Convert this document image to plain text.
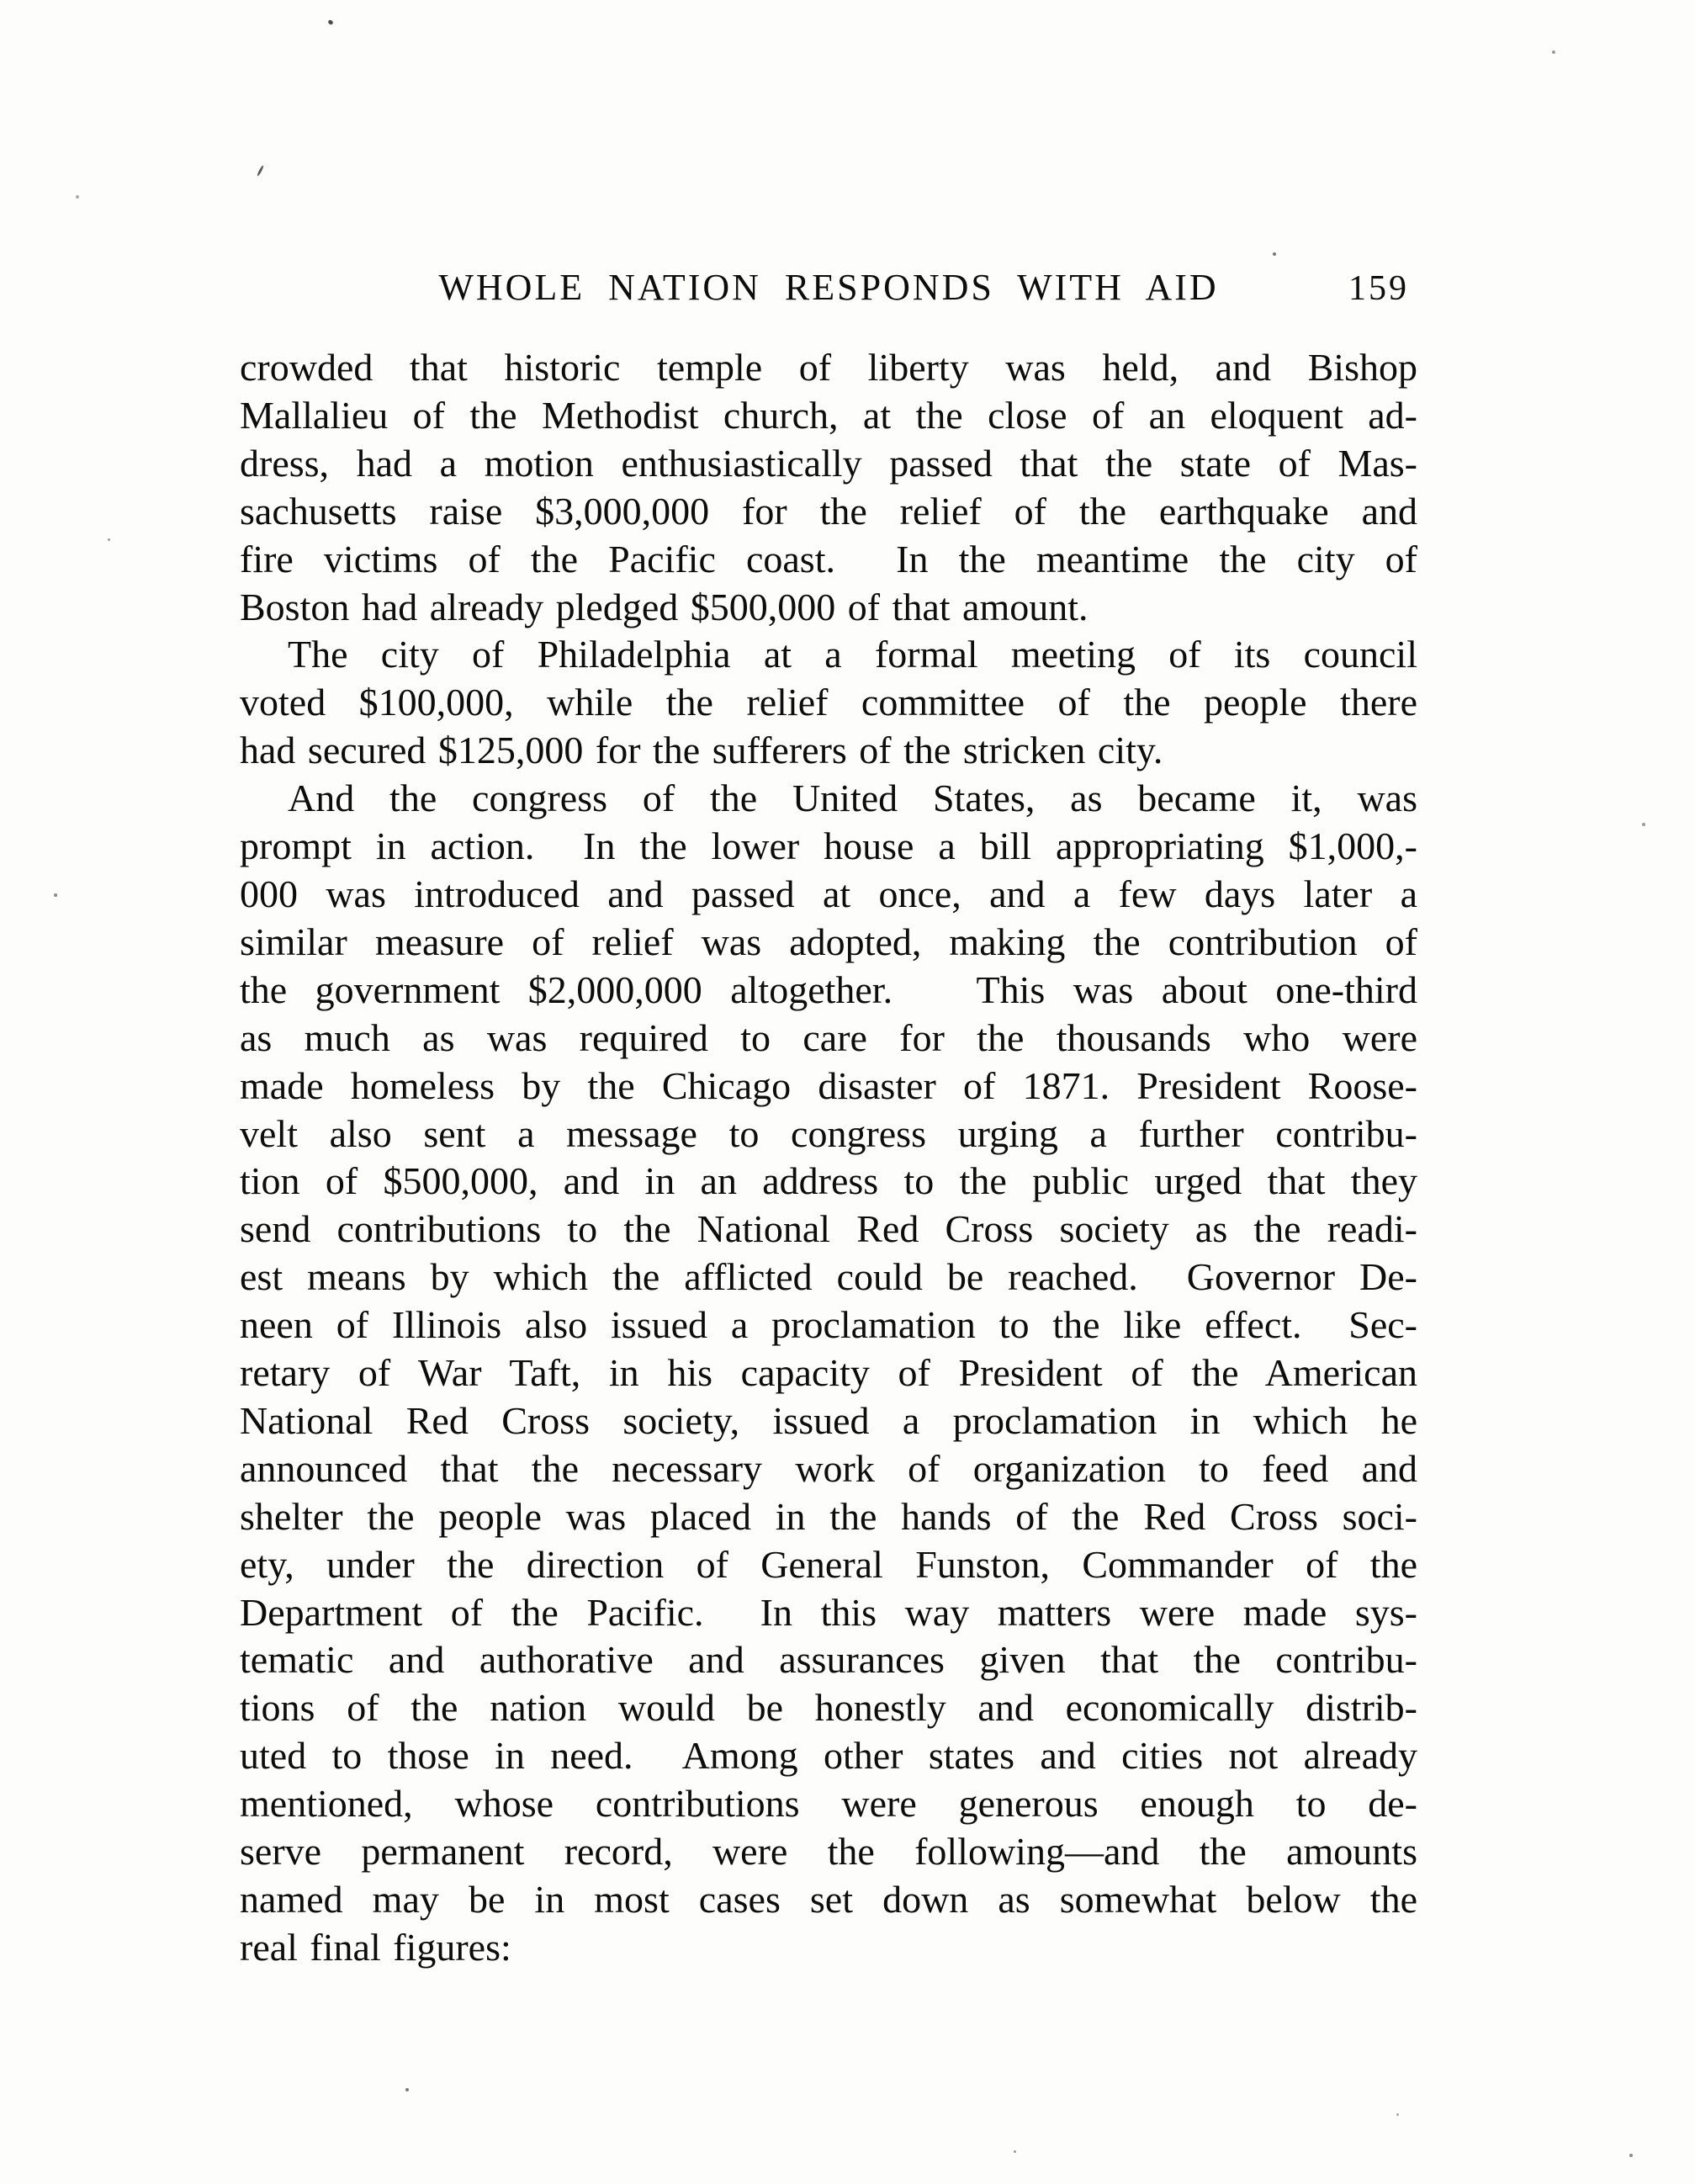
WHOLE NATION RESPONDS WITH AID	159
crowded that historic temple of liberty was held, and Bishop
Mallalieu of the Methodist church, at the close of an eloquent ad-
dress, had a motion enthusiastically passed that the state of Mas-
sachusetts raise $3,000,000 for the relief of the earthquake and
fire victims of the Pacific coast.  In the meantime the city of
Boston had already pledged $500,000 of that amount.
The city of Philadelphia at a formal meeting of its council
voted $100,000, while the relief committee of the people there
had secured $125,000 for the sufferers of the stricken city.
And the congress of the United States, as became it, was
prompt in action.  In the lower house a bill appropriating $1,000,-
000 was introduced and passed at once, and a few days later a
similar measure of relief was adopted, making the contribution of
the government $2,000,000 altogether.   This was about one-third
as much as was required to care for the thousands who were
made homeless by the Chicago disaster of 1871. President Roose-
velt also sent a message to congress urging a further contribu-
tion of $500,000, and in an address to the public urged that they
send contributions to the National Red Cross society as the readi-
est means by which the afflicted could be reached.  Governor De-
neen of Illinois also issued a proclamation to the like effect.  Sec-
retary of War Taft, in his capacity of President of the American
National Red Cross society, issued a proclamation in which he
announced that the necessary work of organization to feed and
shelter the people was placed in the hands of the Red Cross soci-
ety, under the direction of General Funston, Commander of the
Department of the Pacific.  In this way matters were made sys-
tematic and authorative and assurances given that the contribu-
tions of the nation would be honestly and economically distrib-
uted to those in need.  Among other states and cities not already
mentioned, whose contributions were generous enough to de-
serve permanent record, were the following—and the amounts
named may be in most cases set down as somewhat below the
real final figures:
